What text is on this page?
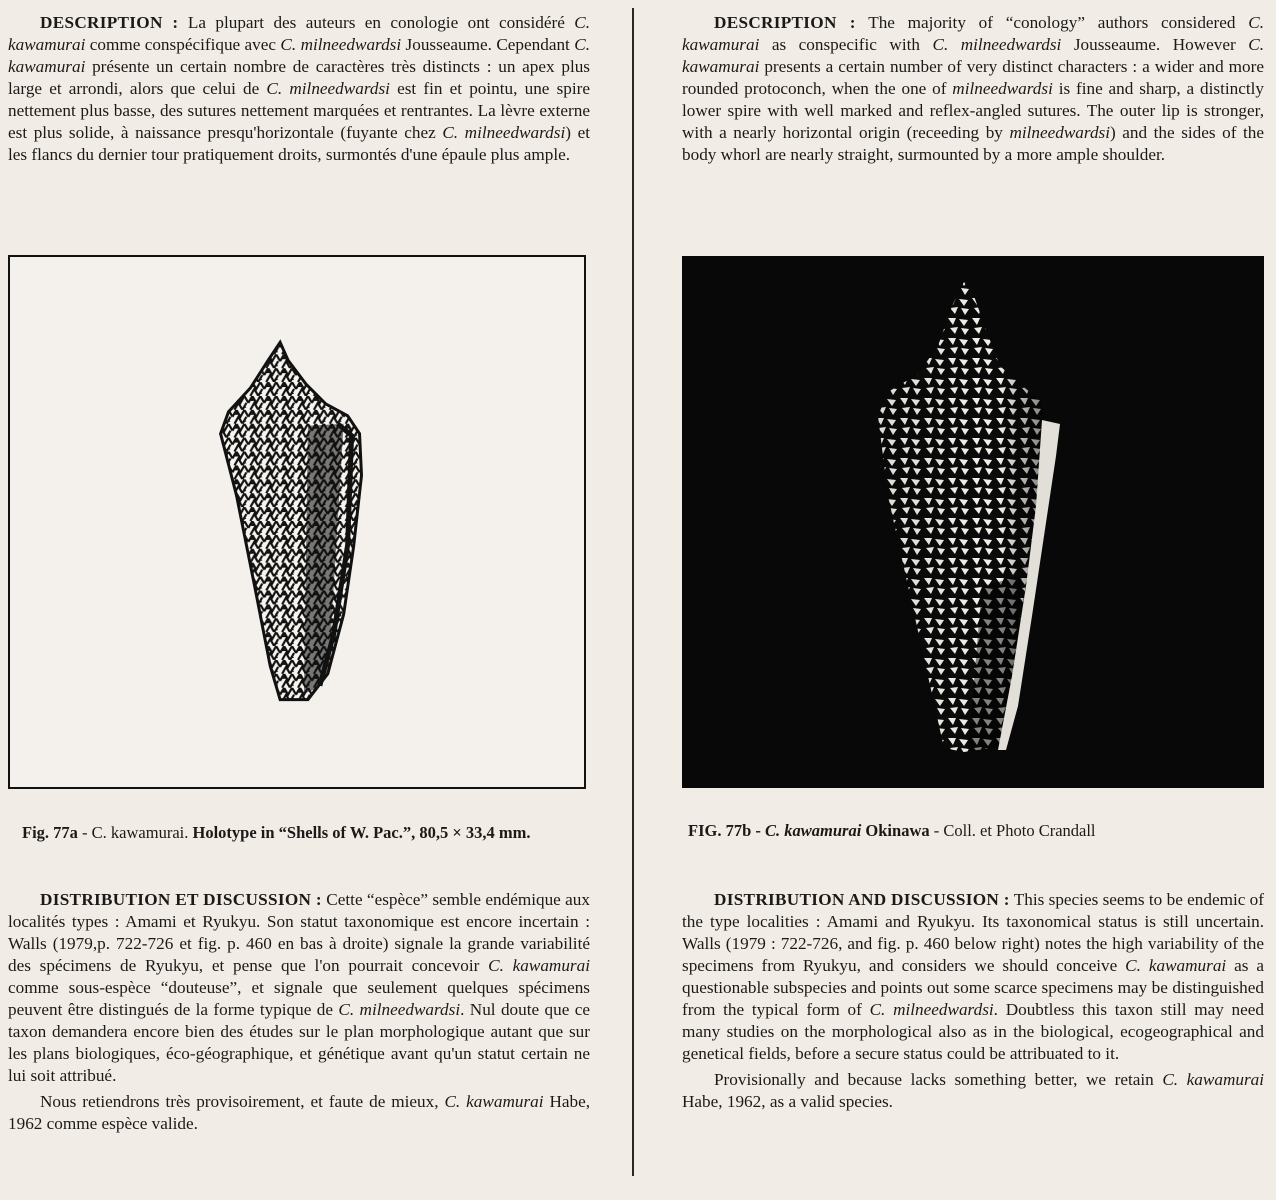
DESCRIPTION : La plupart des auteurs en conologie ont considéré C. kawamurai comme conspécifique avec C. milneedwardsi Jousseaume. Cependant C. kawamurai présente un certain nombre de caractères très distincts : un apex plus large et arrondi, alors que celui de C. milneedwardsi est fin et pointu, une spire nettement plus basse, des sutures nettement marquées et rentrantes. La lèvre externe est plus solide, à naissance presqu'horizontale (fuyante chez C. milneedwardsi) et les flancs du dernier tour pratiquement droits, surmontés d'une épaule plus ample.

Fig. 77a - C. kawamurai. Holotype in “Shells of W. Pac.”, 80,5 × 33,4 mm.

DISTRIBUTION ET DISCUSSION : Cette “espèce” semble endémique aux localités types : Amami et Ryukyu. Son statut taxonomique est encore incertain : Walls (1979,p. 722-726 et fig. p. 460 en bas à droite) signale la grande variabilité des spécimens de Ryukyu, et pense que l'on pourrait concevoir C. kawamurai comme sous-espèce “douteuse”, et signale que seulement quelques spécimens peuvent être distingués de la forme typique de C. milneedwardsi. Nul doute que ce taxon demandera encore bien des études sur le plan morphologique autant que sur les plans biologiques, éco-géographique, et génétique avant qu'un statut certain ne lui soit attribué.

Nous retiendrons très provisoirement, et faute de mieux, C. kawamurai Habe, 1962 comme espèce valide.

DESCRIPTION : The majority of “conology” authors considered C. kawamurai as conspecific with C. milneedwardsi Jousseaume. However C. kawamurai presents a certain number of very distinct characters : a wider and more rounded protoconch, when the one of milneedwardsi is fine and sharp, a distinctly lower spire with well marked and reflex-angled sutures. The outer lip is stronger, with a nearly horizontal origin (receeding by milneedwardsi) and the sides of the body whorl are nearly straight, surmounted by a more ample shoulder.

FIG. 77b - C. kawamurai Okinawa - Coll. et Photo Crandall

DISTRIBUTION AND DISCUSSION : This species seems to be endemic of the type localities : Amami and Ryukyu. Its taxonomical status is still uncertain. Walls (1979 : 722-726, and fig. p. 460 below right) notes the high variability of the specimens from Ryukyu, and considers we should conceive C. kawamurai as a questionable subspecies and points out some scarce specimens may be distinguished from the typical form of C. milneedwardsi. Doubtless this taxon still may need many studies on the morphological also as in the biological, ecogeographical and genetical fields, before a secure status could be attribuated to it.

Provisionally and because lacks something better, we retain C. kawamurai Habe, 1962, as a valid species.
